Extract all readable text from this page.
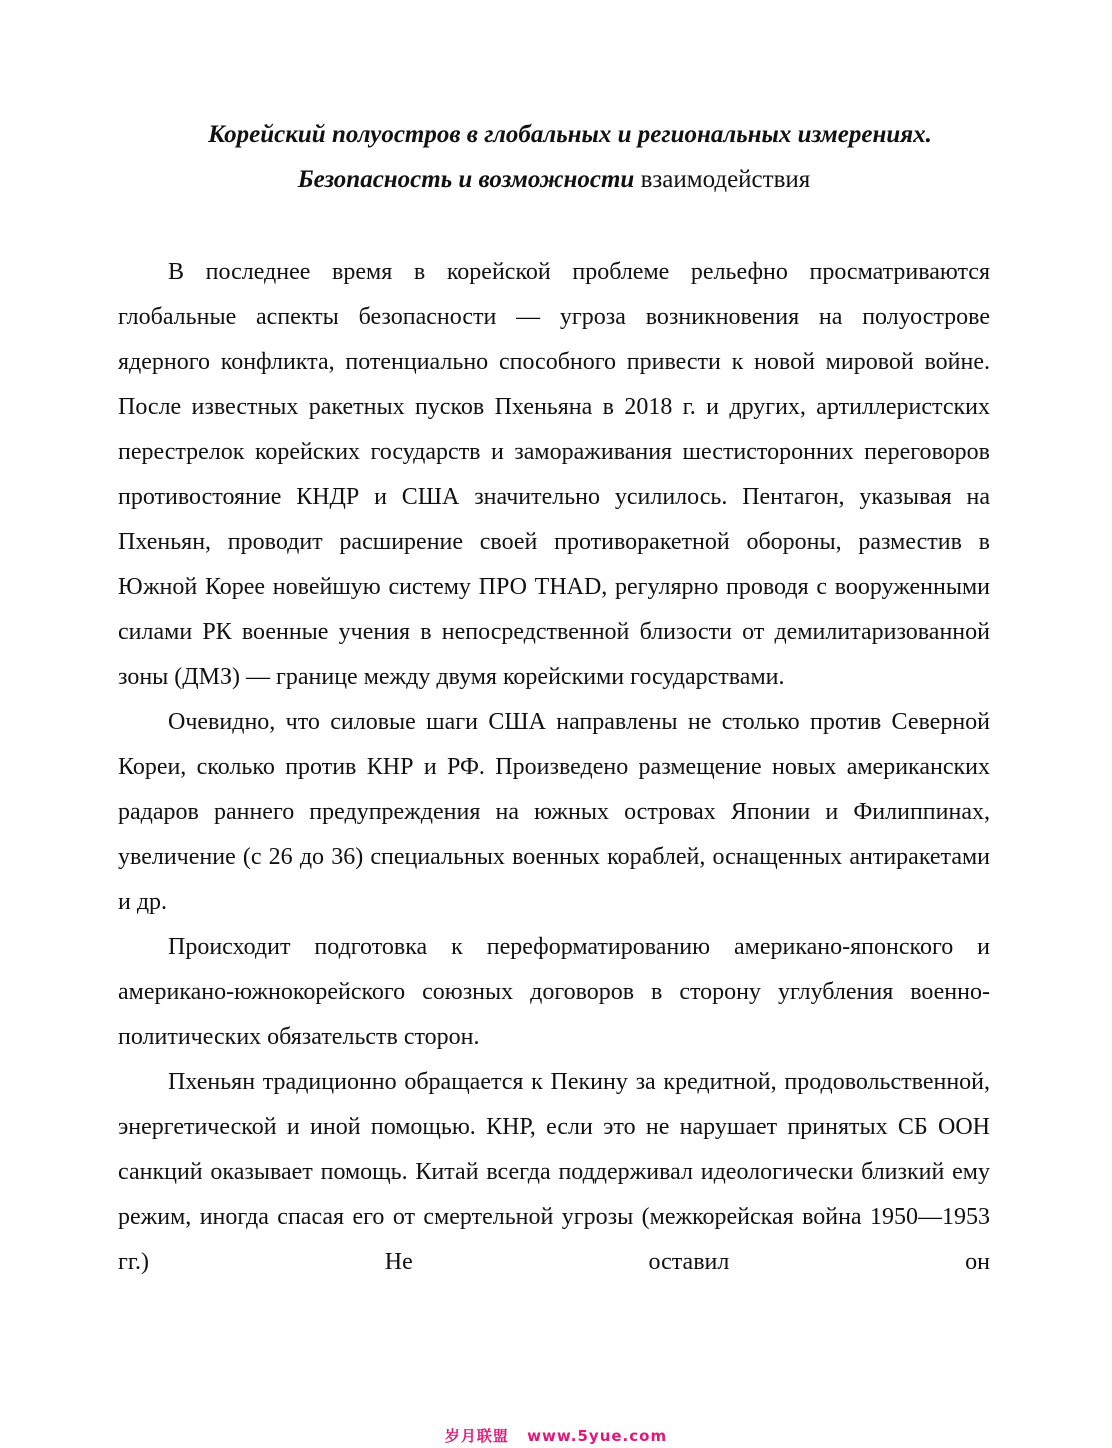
Корейский полуостров в глобальных и региональных измерениях.
Безопасность и возможности взаимодействия

В последнее время в корейской проблеме рельефно просматриваются глобальные аспекты безопасности — угроза возникновения на полуострове ядерного конфликта, потенциально способного привести к новой мировой войне. После известных ракетных пусков Пхеньяна в 2018 г. и других, артиллеристских перестрелок корейских государств и замораживания шестисторонних переговоров противостояние КНДР и США значительно усилилось. Пентагон, указывая на Пхеньян, проводит расширение своей противоракетной обороны, разместив в Южной Корее новейшую систему ПРО THAD, регулярно проводя с вооруженными силами РК военные учения в непосредственной близости от демилитаризованной зоны (ДМЗ) — границе между двумя корейскими государствами.

Очевидно, что силовые шаги США направлены не столько против Северной Кореи, сколько против КНР и РФ. Произведено размещение новых американских радаров раннего предупреждения на южных островах Японии и Филиппинах, увеличение (с 26 до 36) специальных военных кораблей, оснащенных антиракетами и др.

Происходит подготовка к переформатированию американо-японского и американо-южнокорейского союзных договоров в сторону углубления военно-политических обязательств сторон.

Пхеньян традиционно обращается к Пекину за кредитной, продовольственной, энергетической и иной помощью. КНР, если это не нарушает принятых СБ ООН санкций оказывает помощь. Китай всегда поддерживал идеологически близкий ему режим, иногда спасая его от смертельной угрозы (межкорейская война 1950—1953 гг.) Не оставил он

岁月联盟 www.5yue.com
